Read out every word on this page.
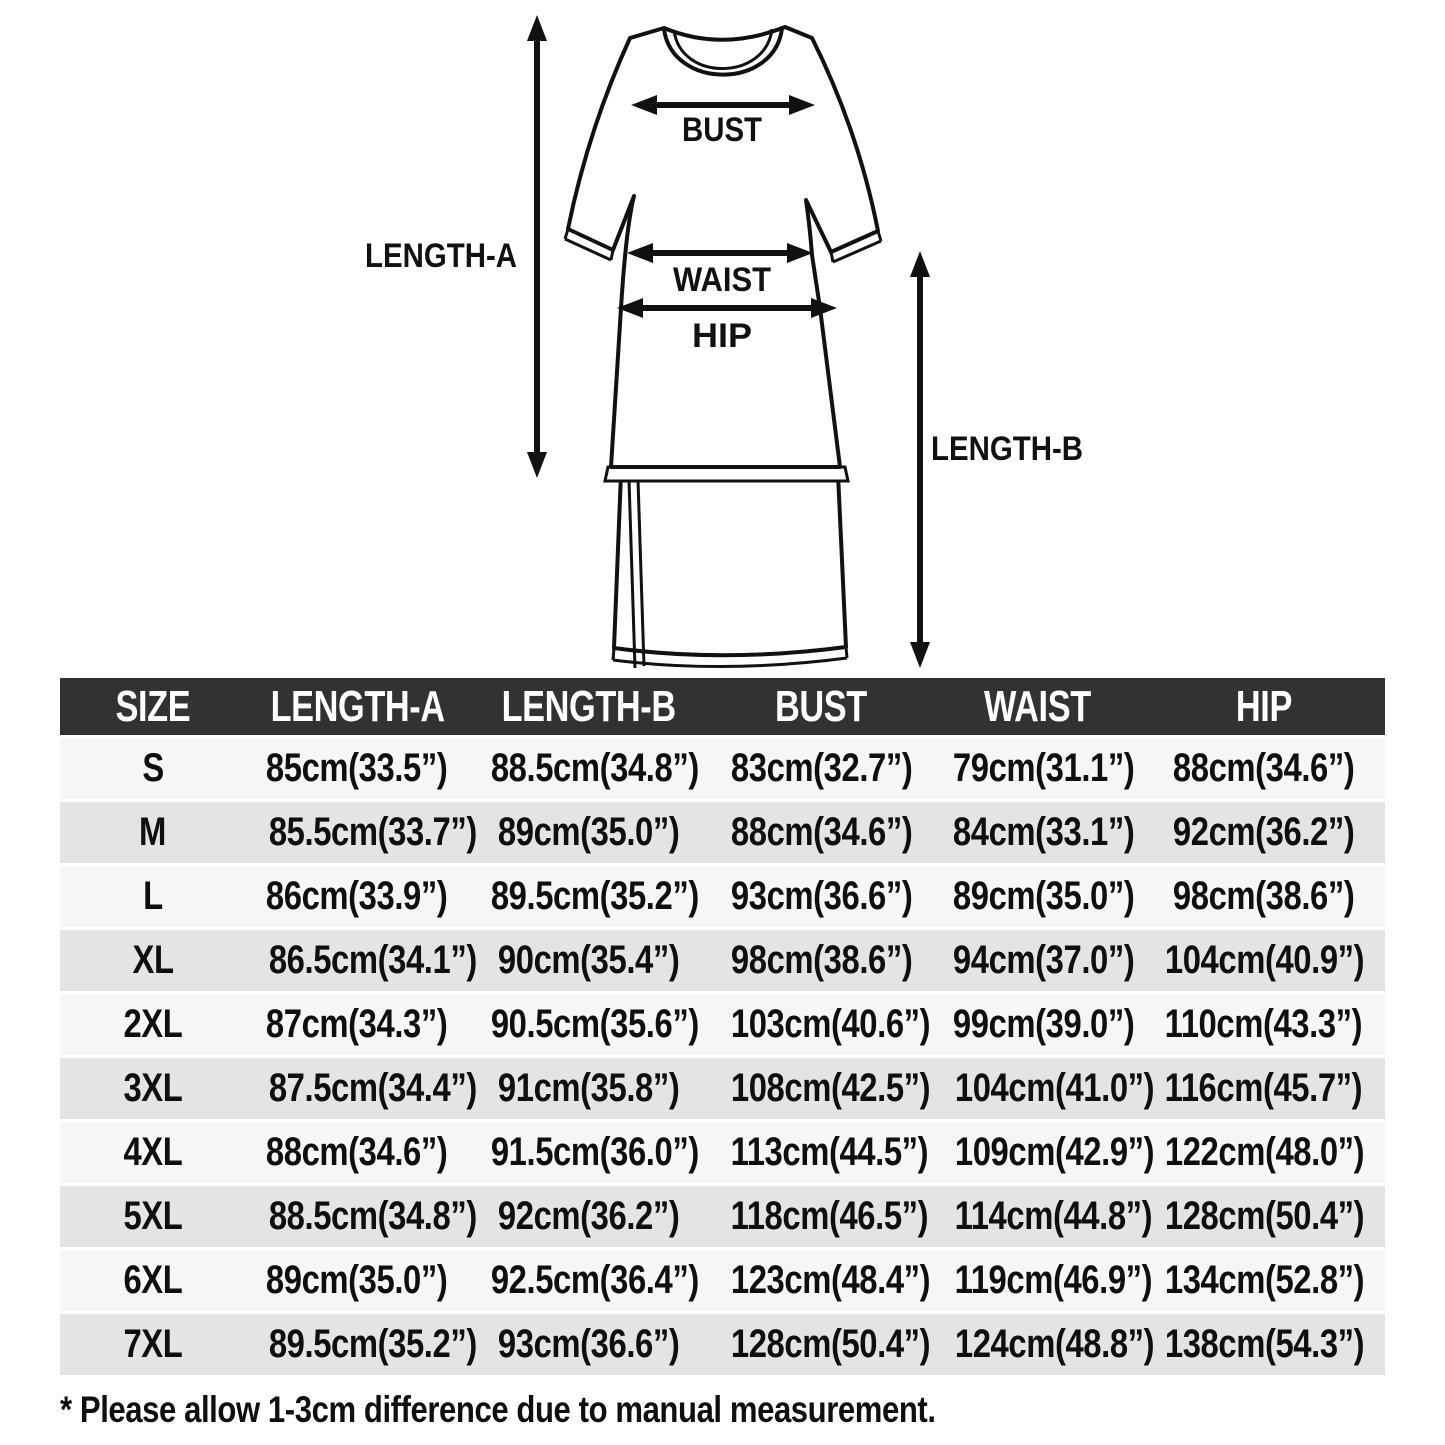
LENGTH-A
LENGTH-B
BUST
WAIST
HIP
SIZE	LENGTH-A	LENGTH-B	BUST	WAIST	HIP
S	85cm(33.5”)	88.5cm(34.8”)	83cm(32.7”)	79cm(31.1”)	88cm(34.6”)
M	85.5cm(33.7”)	89cm(35.0”)	88cm(34.6”)	84cm(33.1”)	92cm(36.2”)
L	86cm(33.9”)	89.5cm(35.2”)	93cm(36.6”)	89cm(35.0”)	98cm(38.6”)
XL	86.5cm(34.1”)	90cm(35.4”)	98cm(38.6”)	94cm(37.0”)	104cm(40.9”)
2XL	87cm(34.3”)	90.5cm(35.6”)	103cm(40.6”)	99cm(39.0”)	110cm(43.3”)
3XL	87.5cm(34.4”)	91cm(35.8”)	108cm(42.5”)	104cm(41.0”)	116cm(45.7”)
4XL	88cm(34.6”)	91.5cm(36.0”)	113cm(44.5”)	109cm(42.9”)	122cm(48.0”)
5XL	88.5cm(34.8”)	92cm(36.2”)	118cm(46.5”)	114cm(44.8”)	128cm(50.4”)
6XL	89cm(35.0”)	92.5cm(36.4”)	123cm(48.4”)	119cm(46.9”)	134cm(52.8”)
7XL	89.5cm(35.2”)	93cm(36.6”)	128cm(50.4”)	124cm(48.8”)	138cm(54.3”)
* Please allow 1-3cm difference due to manual measurement.
